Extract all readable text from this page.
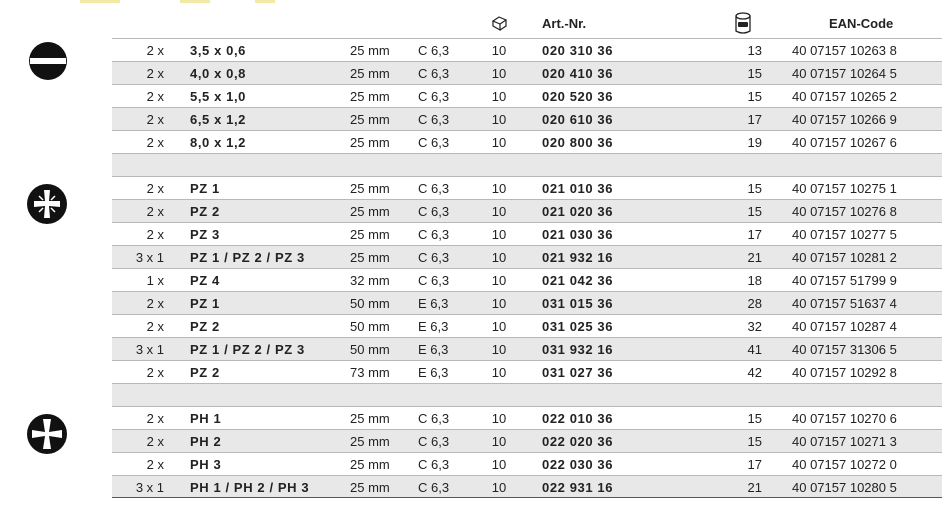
Art.-Nr.	EAN-Code
2 x 3,5 x 0,6	25 mm C 6,3	10	020 310 36	13 40 07157 10263 8
2 x 4,0 x 0,8	25 mm C 6,3	10	020 410 36	15 40 07157 10264 5
2 x 5,5 x 1,0	25 mm C 6,3	10	020 520 36	15 40 07157 10265 2
2 x 6,5 x 1,2	25 mm C 6,3	10	020 610 36	17 40 07157 10266 9
2 x 8,0 x 1,2	25 mm C 6,3	10	020 800 36	19 40 07157 10267 6
2 x PZ 1	25 mm C 6,3	10	021 010 36	15 40 07157 10275 1
2 x PZ 2	25 mm C 6,3	10	021 020 36	15 40 07157 10276 8
2 x PZ 3	25 mm C 6,3	10	021 030 36	17 40 07157 10277 5
3 x 1 PZ 1 / PZ 2 / PZ 3	25 mm C 6,3	10	021 932 16	21 40 07157 10281 2
1 x PZ 4	32 mm C 6,3	10	021 042 36	18 40 07157 51799 9
2 x PZ 1	50 mm E 6,3	10	031 015 36	28 40 07157 51637 4
2 x PZ 2	50 mm E 6,3	10	031 025 36	32 40 07157 10287 4
3 x 1 PZ 1 / PZ 2 / PZ 3	50 mm E 6,3	10	031 932 16	41 40 07157 31306 5
2 x PZ 2	73 mm E 6,3	10	031 027 36	42 40 07157 10292 8
2 x PH 1	25 mm C 6,3	10	022 010 36	15 40 07157 10270 6
2 x PH 2	25 mm C 6,3	10	022 020 36	15 40 07157 10271 3
2 x PH 3	25 mm C 6,3	10	022 030 36	17 40 07157 10272 0
3 x 1 PH 1 / PH 2 / PH 3	25 mm C 6,3	10	022 931 16	21 40 07157 10280 5
